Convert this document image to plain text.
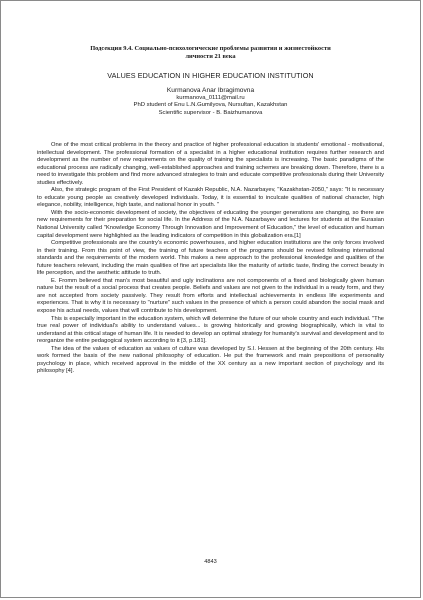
Подсекция 9.4. Социально-психологические проблемы развития и жизнестойкости
личности 21 века
VALUES EDUCATION IN HIGHER EDUCATION INSTITUTION
Kurmanova Anar Ibragimovna
kurmanova_0111@mail.ru
PhD student of Enu L.N.Gumilyova, Nursultan, Kazakhstan
Scientific supervisor - B. Baizhumanova

One of the most critical problems in the theory and practice of higher professional education is students' emotional - motivational, intellectual development. The professional formation of a specialist in a higher educational institution requires further research and development as the number of new requirements on the quality of training the specialists is increasing. The basic paradigms of the educational process are radically changing, well-established approaches and training schemes are breaking down. Therefore, there is a need to investigate this problem and find more advanced strategies to train and educate competitive professionals during their University studies effectively.

Also, the strategic program of the First President of Kazakh Republic, N.A. Nazarbayev, "Kazakhstan-2050," says: "It is necessary to educate young people as creatively developed individuals. Today, it is essential to inculcate qualities of national character, high elegance, nobility, intelligence, high taste, and national honor in youth. "

With the socio-economic development of society, the objectives of educating the younger generations are changing, so there are new requirements for their preparation for social life. In the Address of the N.A. Nazarbayev and lectures for students at the Eurasian National University called "Knowledge Economy Through Innovation and Improvement of Education," the level of education and human capital development were highlighted as the leading indicators of competition in this globalization era.[1]

Competitive professionals are the country's economic powerhouses, and higher education institutions are the only forces involved in their training. From this point of view, the training of future teachers of the programs should be revised following international standards and the requirements of the modern world. This makes a new approach to the professional knowledge and qualities of the future teachers relevant, including the main qualities of fine art specialists like the maturity of artistic taste, finding the correct beauty in life perception, and the aesthetic attitude to truth.

E. Fromm believed that man's most beautiful and ugly inclinations are not components of a fixed and biologically given human nature but the result of a social process that creates people. Beliefs and values are not given to the individual in a ready form, and they are not accepted from society passively. They result from efforts and intellectual achievements in endless life experiments and experiences. That is why it is necessary to "nurture" such values in the presence of which a person could abandon the social mask and expose his actual needs, values that will contribute to his development.

This is especially important in the education system, which will determine the future of our whole country and each individual. "The true real power of individual's ability to understand values... is growing historically and growing biographically, which is vital to understand at this critical stage of human life. It is needed to develop an optimal strategy for humanity's survival and development and to reorganize the entire pedagogical system according to it [3, p.181].

The idea of the values of education as values of culture was developed by S.I. Hessen at the beginning of the 20th century. His work formed the basis of the new national philosophy of education. He put the framework and main prepositions of personality psychology in place, which received approval in the middle of the XX century as a new important section of psychology and its philosophy [4].

4843
